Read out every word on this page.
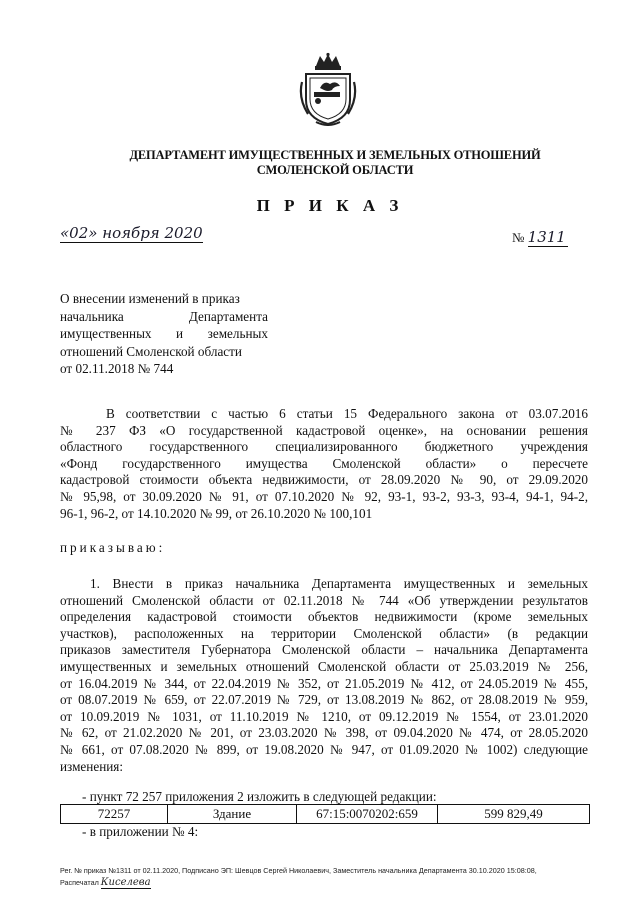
ДЕПАРТАМЕНТ ИМУЩЕСТВЕННЫХ И ЗЕМЕЛЬНЫХ ОТНОШЕНИЙ
СМОЛЕНСКОЙ ОБЛАСТИ
П Р И К А З
«02» ноября 2020	№ 1311
О внесении изменений в приказ
начальника Департамента
имущественных и земельных
отношений Смоленской области
от 02.11.2018 № 744
В соответствии с частью 6 статьи 15 Федерального закона от 03.07.2016
№ 237 ФЗ «О государственной кадастровой оценке», на основании решения
областного государственного специализированного бюджетного учреждения
«Фонд государственного имущества Смоленской области» о пересчете
кадастровой стоимости объекта недвижимости, от 28.09.2020 № 90, от 29.09.2020
№ 95,98, от 30.09.2020 № 91, от 07.10.2020 № 92, 93-1, 93-2, 93-3, 93-4, 94-1, 94-2,
96-1, 96-2, от 14.10.2020 № 99, от 26.10.2020 № 100,101
приказываю:
1. Внести в приказ начальника Департамента имущественных и земельных
отношений Смоленской области от 02.11.2018 № 744 «Об утверждении результатов
определения кадастровой стоимости объектов недвижимости (кроме земельных
участков), расположенных на территории Смоленской области» (в редакции
приказов заместителя Губернатора Смоленской области – начальника Департамента
имущественных и земельных отношений Смоленской области от 25.03.2019 № 256,
от 16.04.2019 № 344, от 22.04.2019 № 352, от 21.05.2019 № 412, от 24.05.2019 № 455,
от 08.07.2019 № 659, от 22.07.2019 № 729, от 13.08.2019 № 862, от 28.08.2019 № 959,
от 10.09.2019 № 1031, от 11.10.2019 № 1210, от 09.12.2019 № 1554, от 23.01.2020
№ 62, от 21.02.2020 № 201, от 23.03.2020 № 398, от 09.04.2020 № 474, от 28.05.2020
№ 661, от 07.08.2020 № 899, от 19.08.2020 № 947, от 01.09.2020 № 1002) следующие
изменения:
- пункт 72 257 приложения 2 изложить в следующей редакции:
72257	Здание	67:15:0070202:659	599 829,49
- в приложении № 4:
Рег. № приказ №1311 от 02.11.2020, Подписано ЭП: Шевцов Сергей Николаевич, Заместитель начальника Департамента 30.10.2020 15:08:08,
Распечатал Киселева
